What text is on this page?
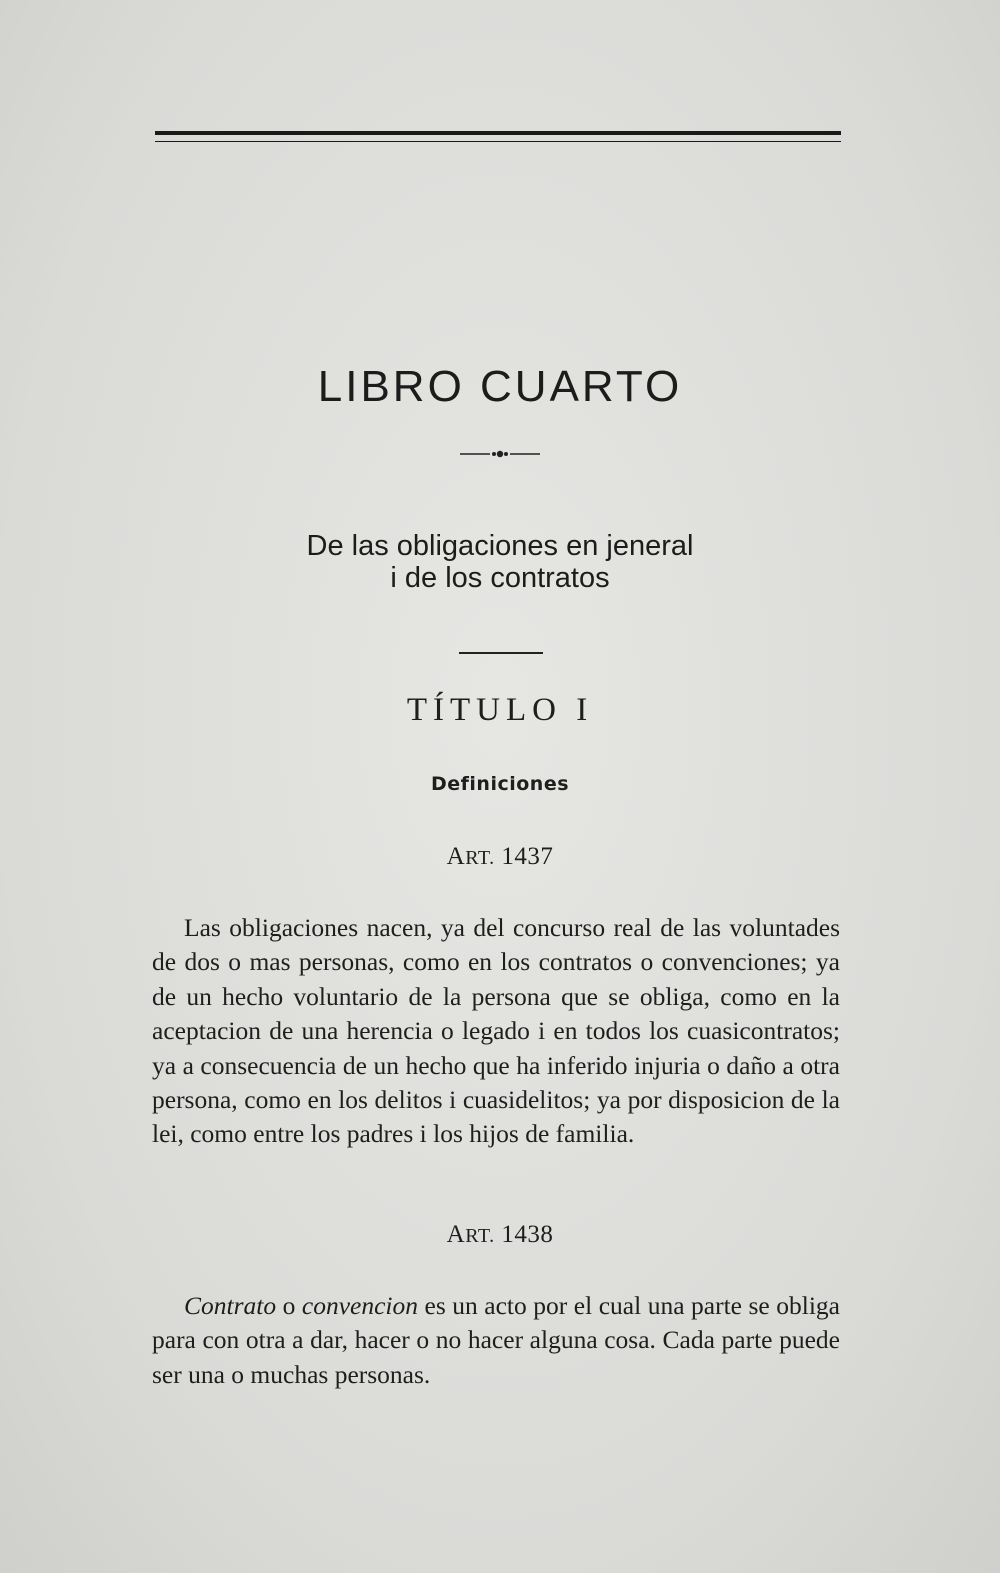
LIBRO CUARTO
De las obligaciones en jeneral
i de los contratos
TÍTULO I
Definiciones
ART. 1437
Las obligaciones nacen, ya del concurso real de las voluntades de dos o mas personas, como en los contratos o convenciones; ya de un hecho voluntario de la persona que se obliga, como en la aceptacion de una herencia o legado i en todos los cuasicontratos; ya a consecuencia de un hecho que ha inferido injuria o daño a otra persona, como en los delitos i cuasidelitos; ya por disposicion de la lei, como entre los padres i los hijos de familia.
ART. 1438
Contrato o convencion es un acto por el cual una parte se obliga para con otra a dar, hacer o no hacer alguna cosa. Cada parte puede ser una o muchas personas.
